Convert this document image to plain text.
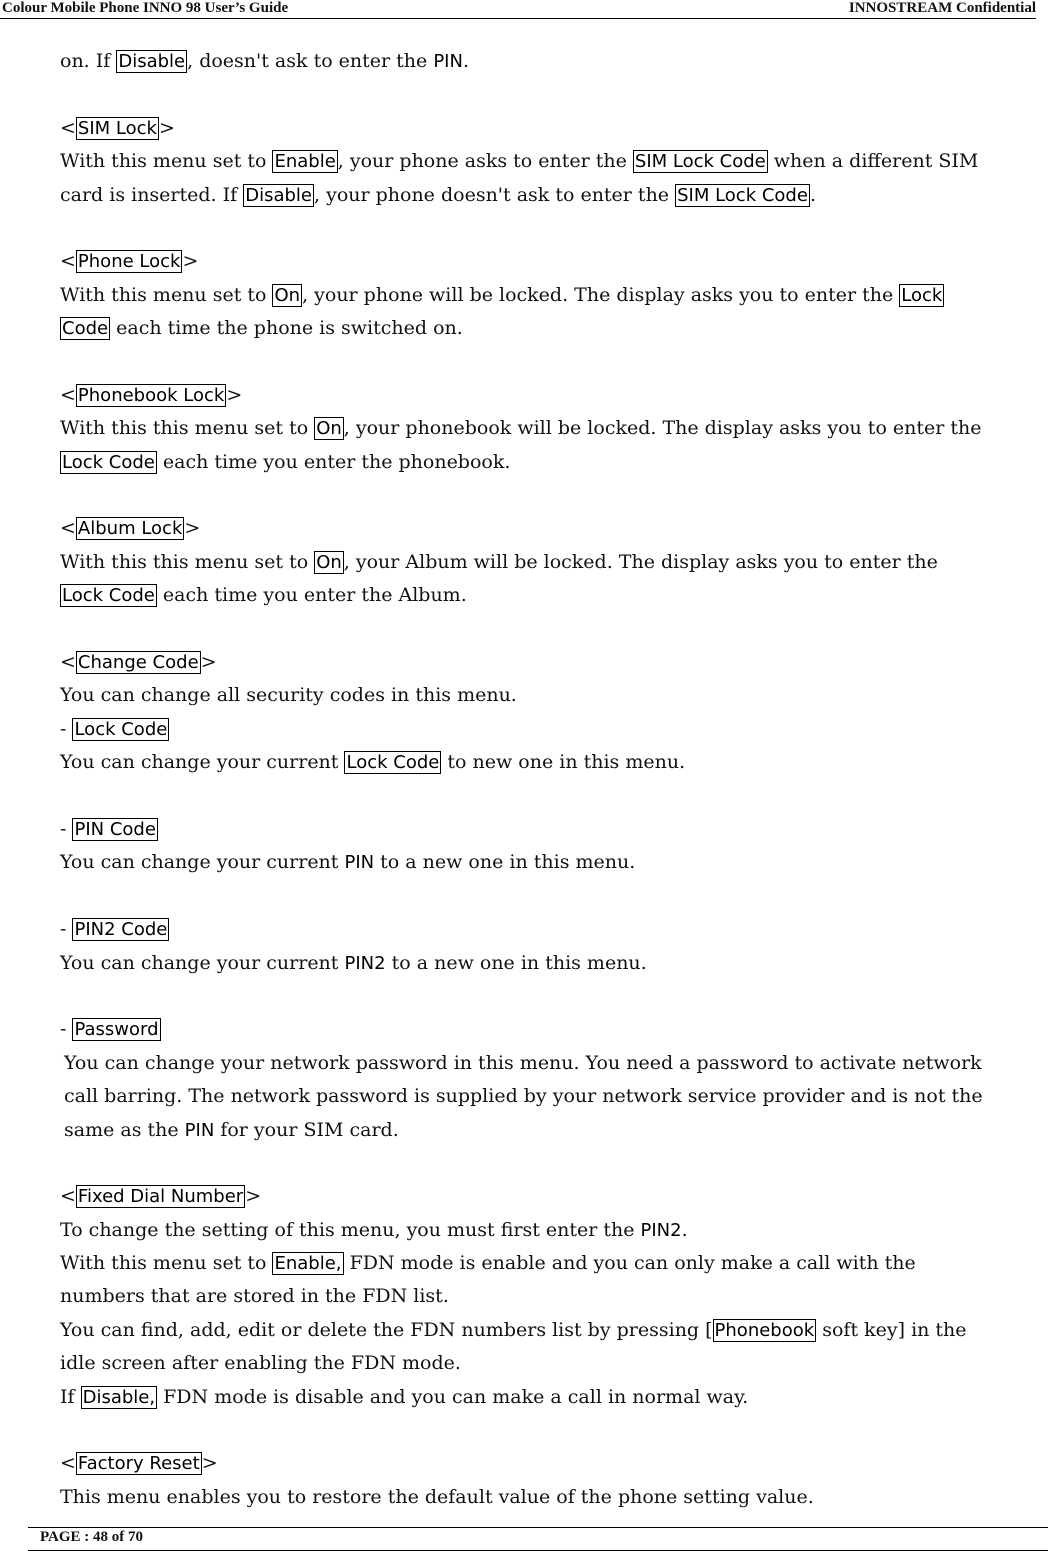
Colour Mobile Phone INNO 98 User’s Guide	INNOSTREAM Confidential
on. If Disable , doesn't ask to enter the PIN.
< SIM Lock >
With this menu set to Enable , your phone asks to enter the SIM Lock Code when a different SIM
card is inserted. If Disable , your phone doesn't ask to enter the SIM Lock Code .
< Phone Lock >
With this menu set to On , your phone will be locked. The display asks you to enter the Lock
Code each time the phone is switched on.
< Phonebook Lock >
With this this menu set to On , your phonebook will be locked. The display asks you to enter the
Lock Code each time you enter the phonebook.
< Album Lock >
With this this menu set to On , your Album will be locked. The display asks you to enter the
Lock Code each time you enter the Album.
< Change Code >
You can change all security codes in this menu.
- Lock Code
You can change your current Lock Code to new one in this menu.
- PIN Code
You can change your current PIN to a new one in this menu.
- PIN2 Code
You can change your current PIN2 to a new one in this menu.
- Password
You can change your network password in this menu. You need a password to activate network
call barring. The network password is supplied by your network service provider and is not the
same as the PIN for your SIM card.
< Fixed Dial Number >
To change the setting of this menu, you must first enter the PIN2.
With this menu set to Enable, FDN mode is enable and you can only make a call with the
numbers that are stored in the FDN list.
You can find, add, edit or delete the FDN numbers list by pressing [ Phonebook soft key] in the
idle screen after enabling the FDN mode.
If Disable, FDN mode is disable and you can make a call in normal way.
< Factory Reset >
This menu enables you to restore the default value of the phone setting value.
PAGE : 48 of 70
